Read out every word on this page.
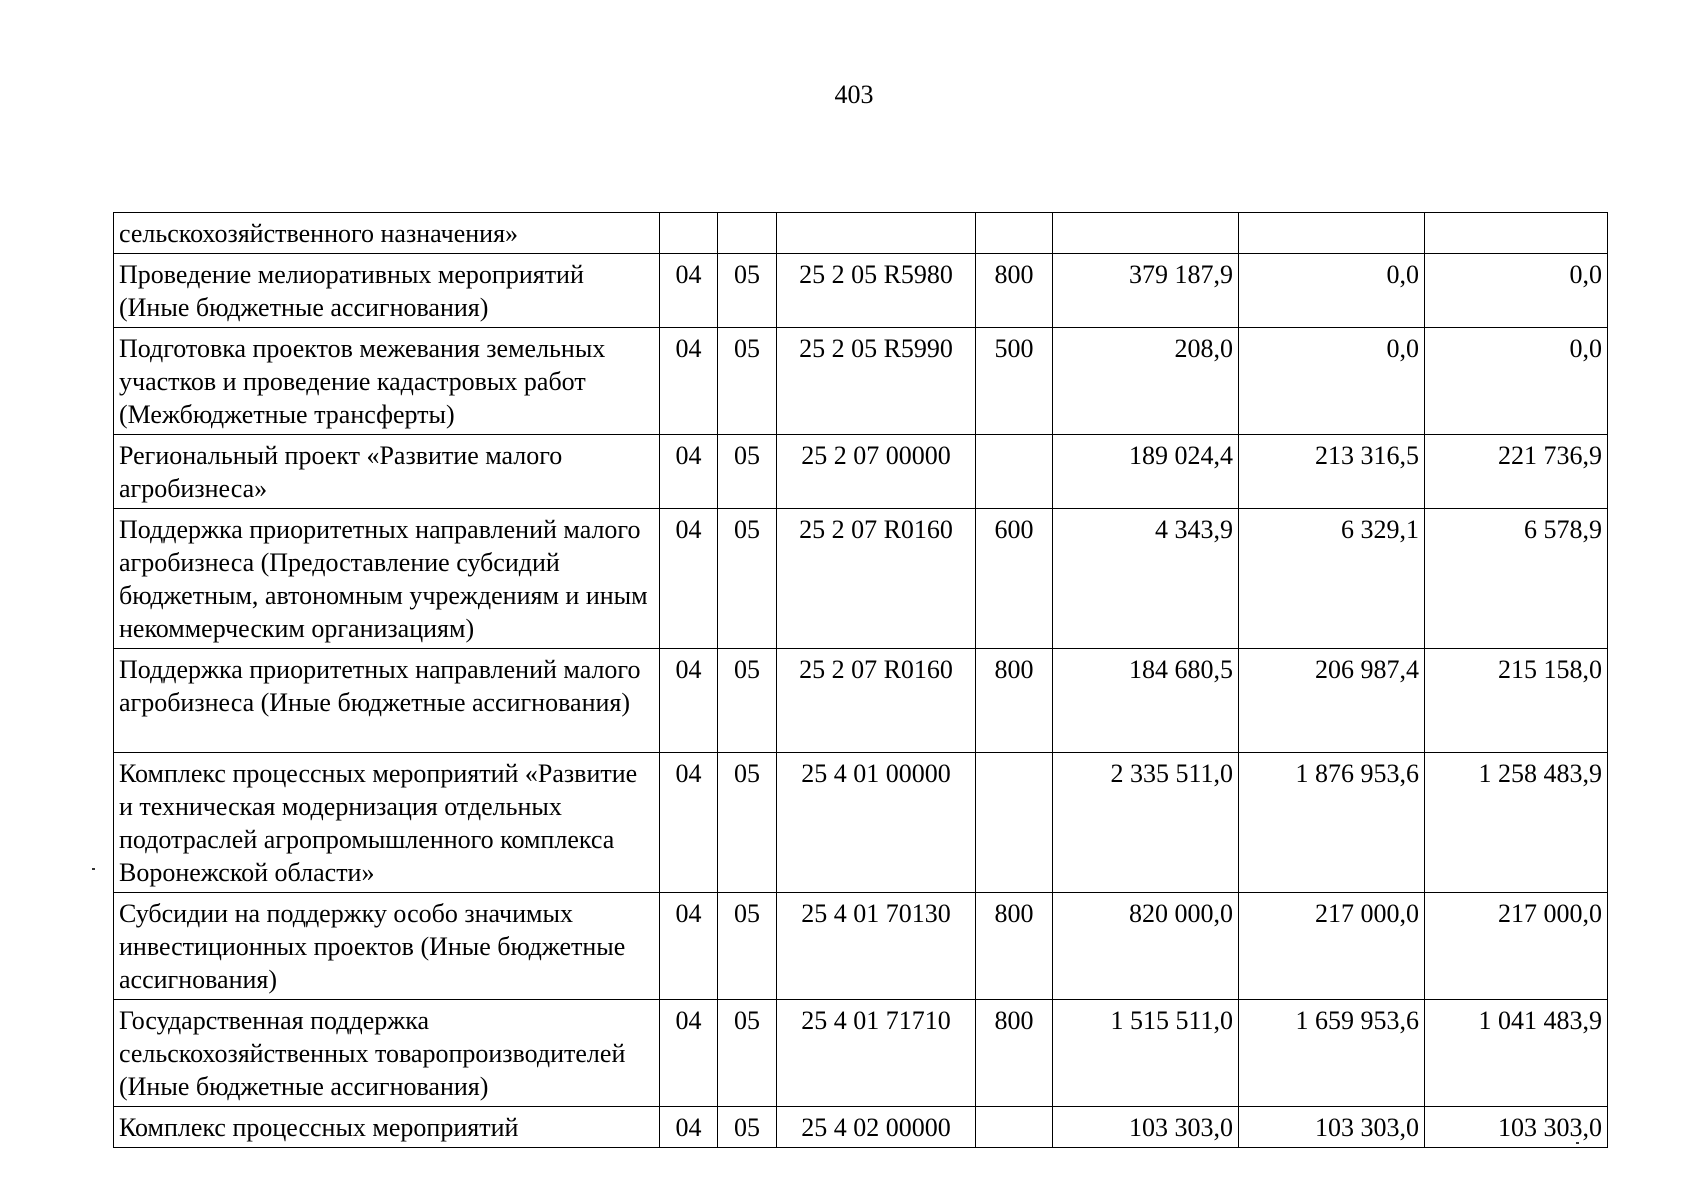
403
сельскохозяйственного назначения»							
Проведение мелиоративных мероприятий (Иные бюджетные ассигнования)	04	05	25 2 05 R5980	800	379 187,9	0,0	0,0
Подготовка проектов межевания земельных участков и проведение кадастровых работ (Межбюджетные трансферты)	04	05	25 2 05 R5990	500	208,0	0,0	0,0
Региональный проект «Развитие малого агробизнеса»	04	05	25 2 07 00000		189 024,4	213 316,5	221 736,9
Поддержка приоритетных направлений малого агробизнеса (Предоставление субсидий бюджетным, автономным учреждениям и иным некоммерческим организациям)	04	05	25 2 07 R0160	600	4 343,9	6 329,1	6 578,9
Поддержка приоритетных направлений малого агробизнеса (Иные бюджетные ассигнования)	04	05	25 2 07 R0160	800	184 680,5	206 987,4	215 158,0
Комплекс процессных мероприятий «Развитие и техническая модернизация отдельных подотраслей агропромышленного комплекса Воронежской области»	04	05	25 4 01 00000		2 335 511,0	1 876 953,6	1 258 483,9
Субсидии на поддержку особо значимых инвестиционных проектов (Иные бюджетные ассигнования)	04	05	25 4 01 70130	800	820 000,0	217 000,0	217 000,0
Государственная поддержка сельскохозяйственных товаропроизводителей (Иные бюджетные ассигнования)	04	05	25 4 01 71710	800	1 515 511,0	1 659 953,6	1 041 483,9
Комплекс процессных мероприятий	04	05	25 4 02 00000		103 303,0	103 303,0	103 303,0
